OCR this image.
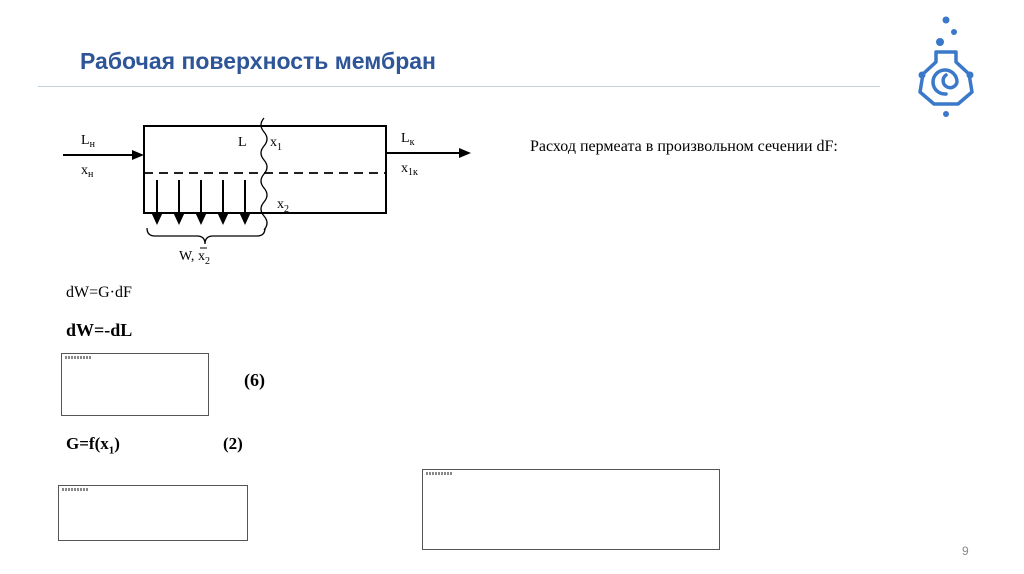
Рабочая поверхность мембран
$L_н$
$x_н$
L $x_1$
$x_2$
$L_к$
$x_{1к}$
W, $x_2$
Расход пермеата в произвольном сечении dF:
dW=G·dF
dW=-dL
(6)
$G=f(x_1)$	(2)
9
